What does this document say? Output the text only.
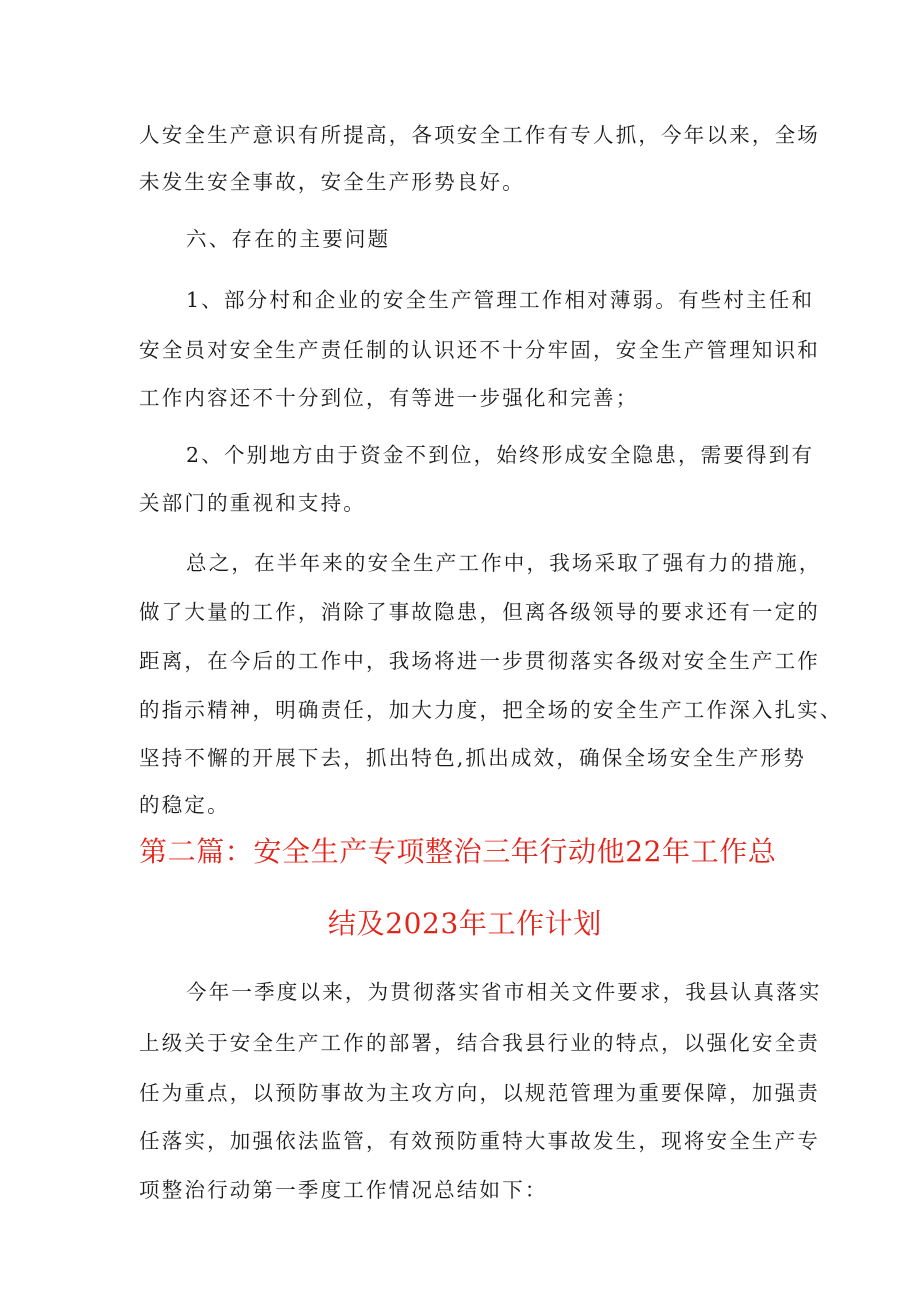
人安全生产意识有所提高，各项安全工作有专人抓，今年以来，全场
未发生安全事故，安全生产形势良好。
六、存在的主要问题
1、部分村和企业的安全生产管理工作相对薄弱。有些村主任和
安全员对安全生产责任制的认识还不十分牢固，安全生产管理知识和
工作内容还不十分到位，有等进一步强化和完善；
2、个别地方由于资金不到位，始终形成安全隐患，需要得到有
关部门的重视和支持。
总之，在半年来的安全生产工作中，我场采取了强有力的措施，
做了大量的工作，消除了事故隐患，但离各级领导的要求还有一定的
距离，在今后的工作中，我场将进一步贯彻落实各级对安全生产工作
的指示精神，明确责任，加大力度，把全场的安全生产工作深入扎实、
坚持不懈的开展下去，抓出特色,抓出成效，确保全场安全生产形势
的稳定。
第二篇：安全生产专项整治三年行动他22年工作总
结及2023年工作计划
今年一季度以来，为贯彻落实省市相关文件要求，我县认真落实
上级关于安全生产工作的部署，结合我县行业的特点，以强化安全责
任为重点，以预防事故为主攻方向，以规范管理为重要保障，加强责
任落实，加强依法监管，有效预防重特大事故发生，现将安全生产专
项整治行动第一季度工作情况总结如下：
